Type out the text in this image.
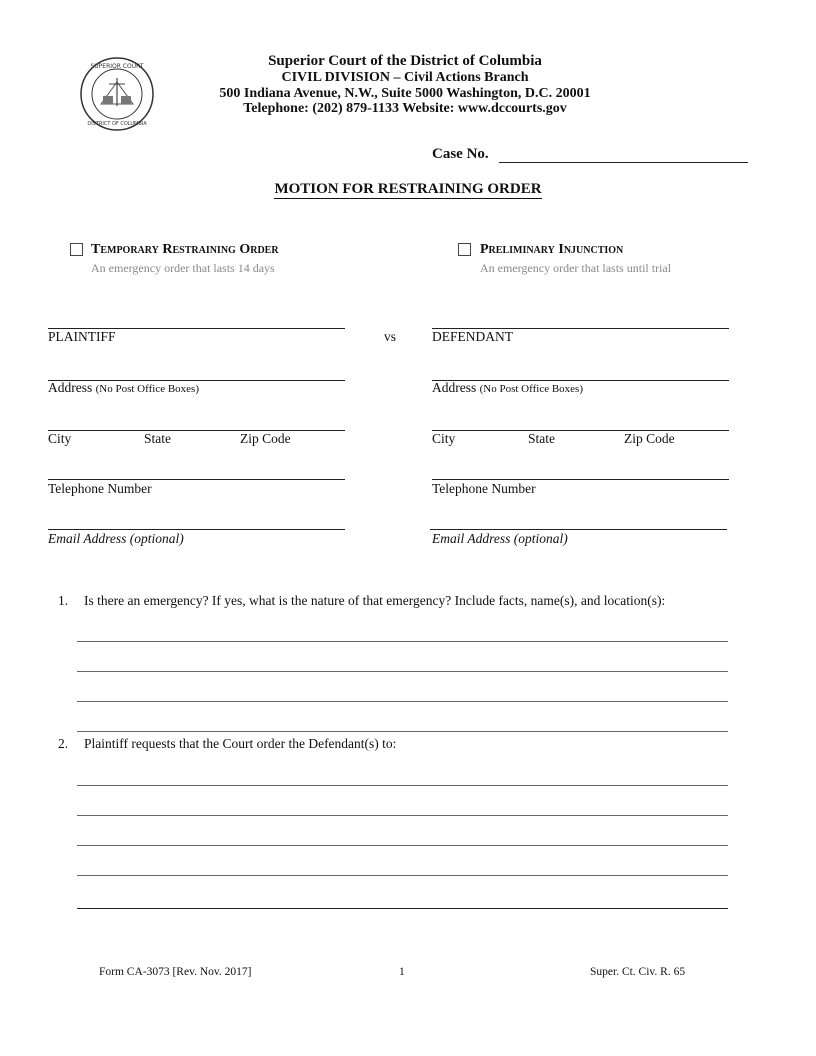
SUPERIOR COURT
DISTRICT OF COLUMBIA
Superior Court of the District of Columbia
CIVIL DIVISION – Civil Actions Branch
500 Indiana Avenue, N.W., Suite 5000 Washington, D.C. 20001
Telephone: (202) 879-1133 Website: www.dccourts.gov
Case No.
MOTION FOR RESTRAINING ORDER
Temporary Restraining Order
An emergency order that lasts 14 days
Preliminary Injunction
An emergency order that lasts until trial
PLAINTIFF	vs
Address (No Post Office Boxes)
City	State	Zip Code
Telephone Number
Email Address (optional)
DEFENDANT
Address (No Post Office Boxes)
City	State	Zip Code
Telephone Number
Email Address (optional)
1. Is there an emergency? If yes, what is the nature of that emergency? Include facts, name(s), and location(s):
2. Plaintiff requests that the Court order the Defendant(s) to:
Form CA-3073 [Rev. Nov. 2017]	1	Super. Ct. Civ. R. 65
